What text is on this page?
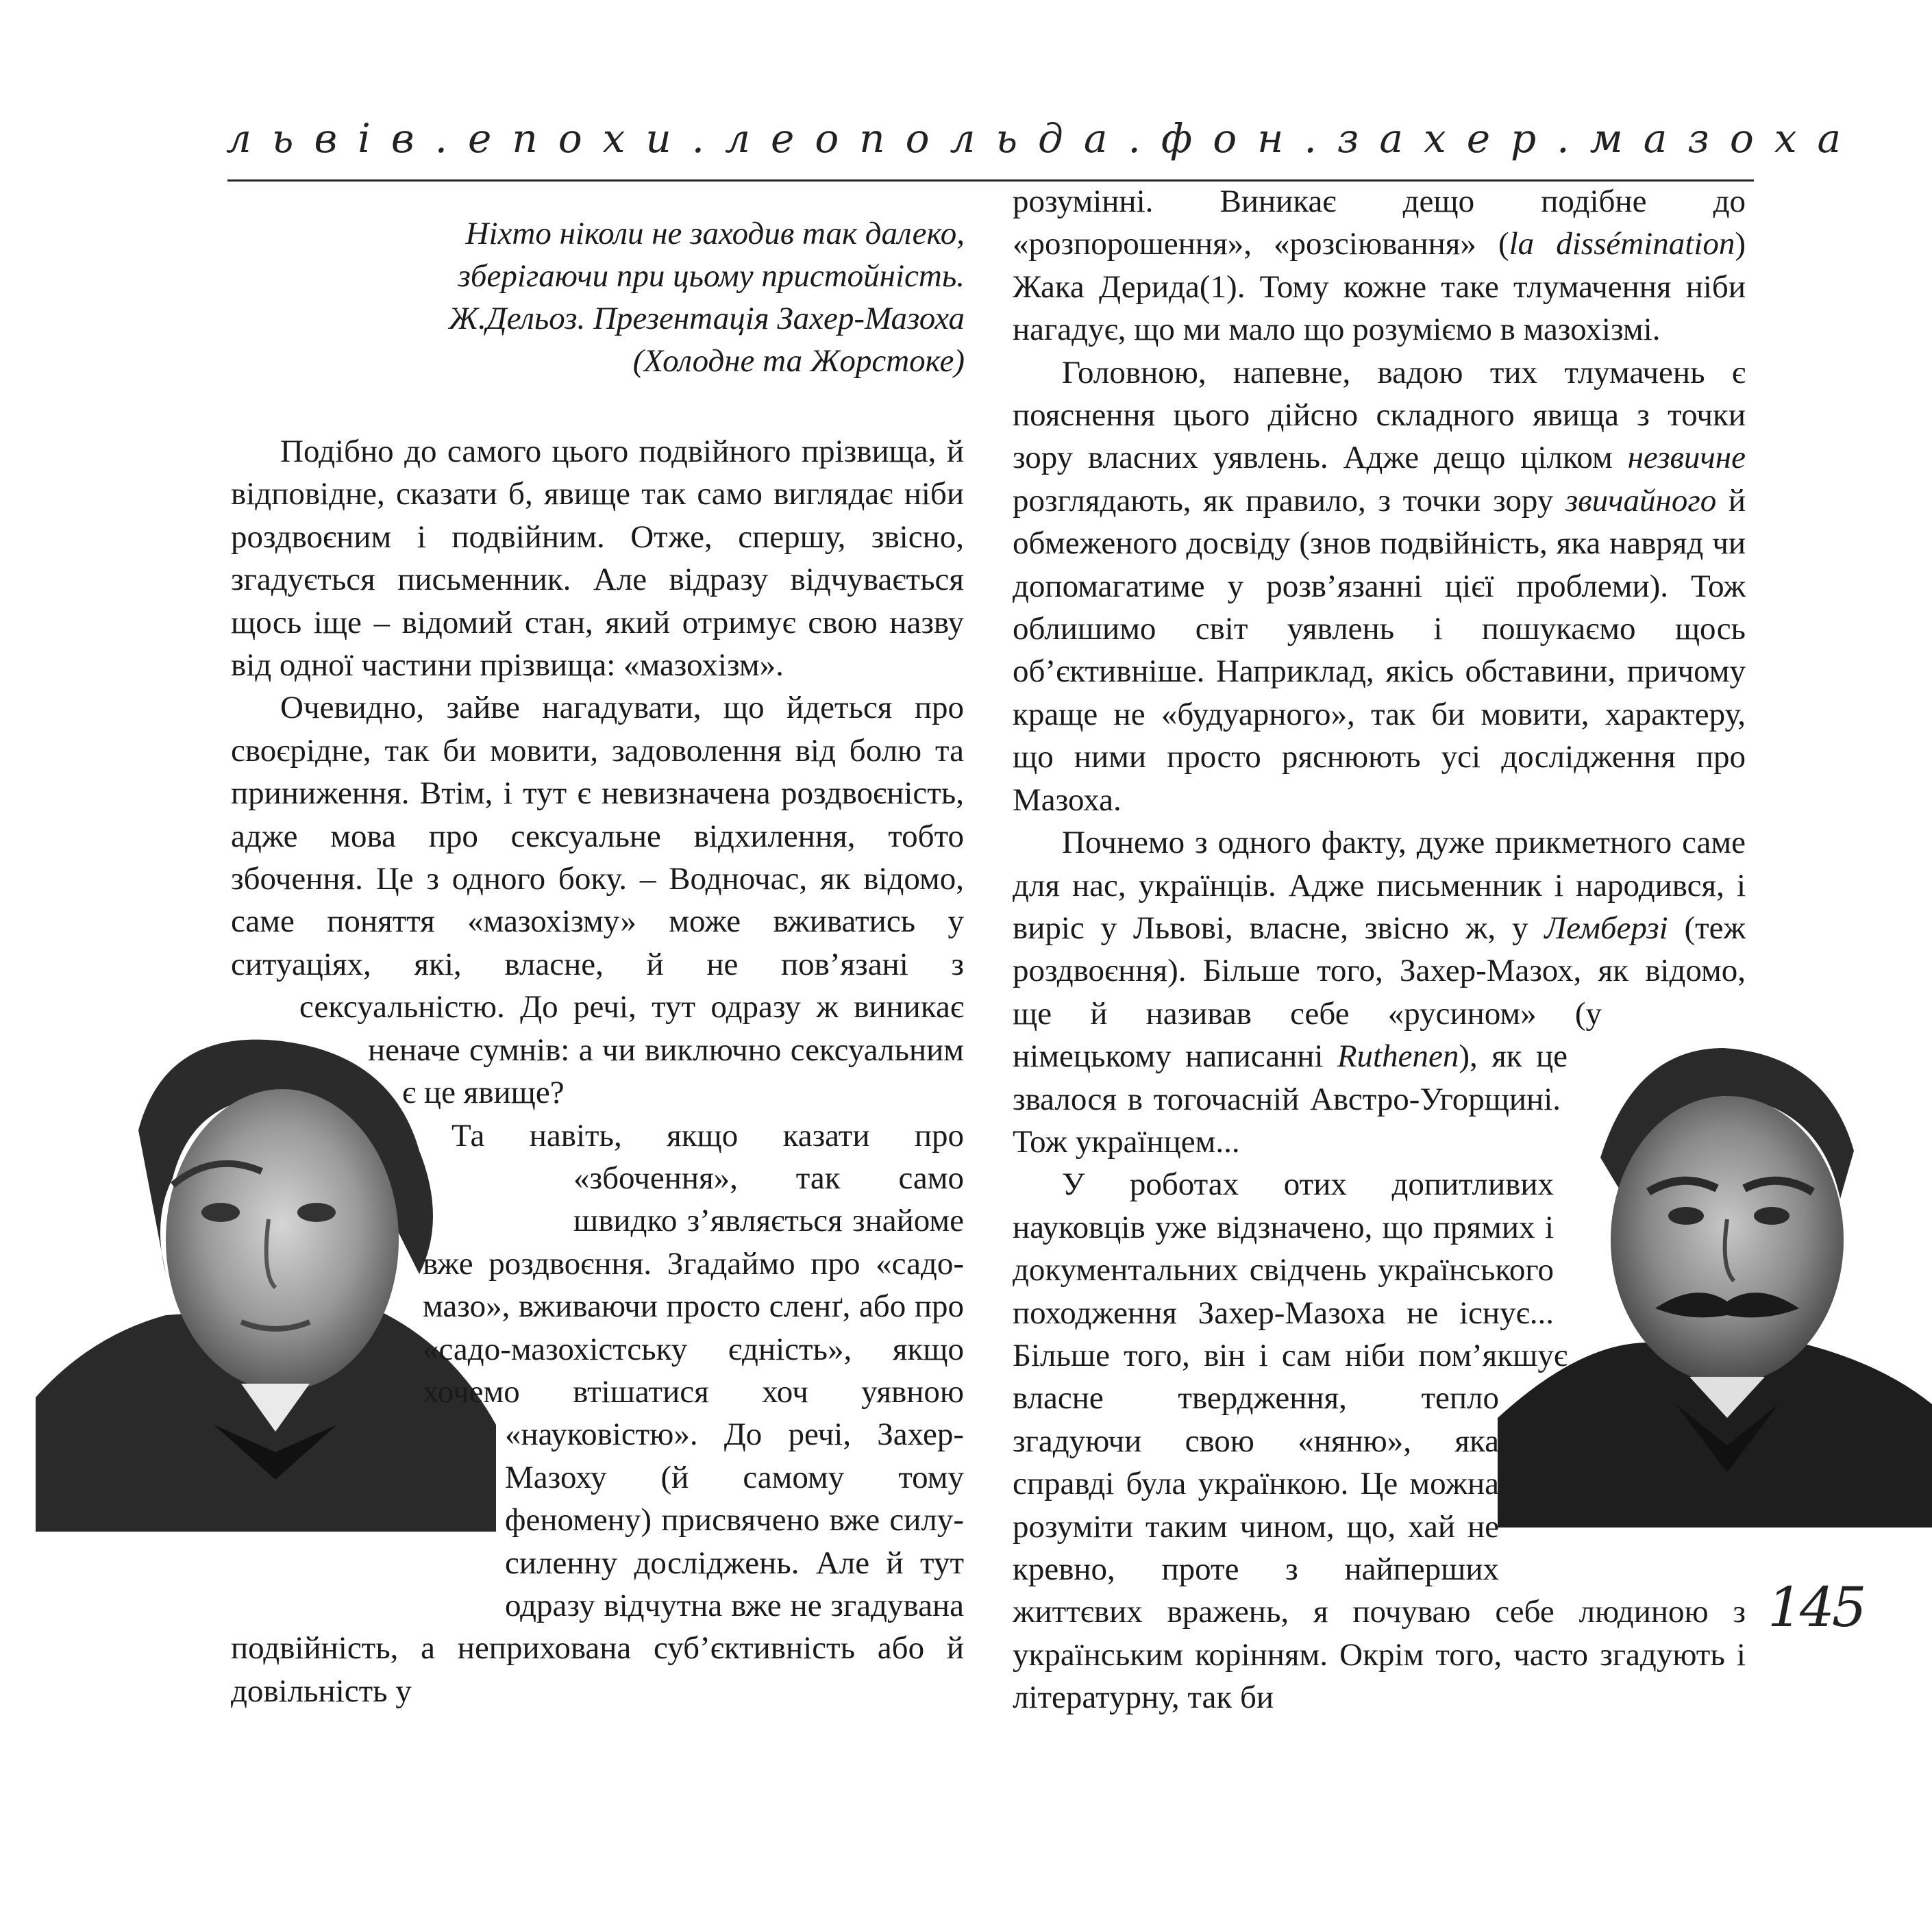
львів.епохи.леопольда.фон.захер.мазоха
Ніхто ніколи не заходив так далеко,
зберігаючи при цьому пристойність.
Ж.Дельоз. Презентація Захер-Мазоха
(Холодне та Жорстоке)

Подібно до самого цього подвійного прізвища, й відповідне, сказати б, явище так само виглядає ніби роздвоєним і подвійним. Отже, спершу, звісно, згадується письменник. Але відразу відчувається щось іще – відомий стан, який отримує свою назву від одної частини прізвища: «мазохізм».

Очевидно, зайве нагадувати, що йдеться про своєрідне, так би мовити, задоволення від болю та приниження. Втім, і тут є невизначена роздвоєність, адже мова про сексуальне відхилення, тобто збочення. Це з одного боку. – Водночас, як відомо, саме поняття «мазохізму» може вживатись у ситуаціях, які, власне, й не пов’язані з сексуальністю. До речі, тут одразу ж виникає неначе сумнів: а чи виключно сексуальним є це явище?

Та навіть, якщо казати про «збочення», так само швидко з’являється знайоме вже роздвоєння. Згадаймо про «садо-мазо», вживаючи просто сленґ, або про «садо-мазохістську єдність», якщо хочемо втішатися хоч уявною «науковістю». До речі, Захер-Мазоху (й самому тому феномену) присвячено вже силу-силенну досліджень. Але й тут одразу відчутна вже не згадувана подвійність, а неприхована суб’єктивність або й довільність у

розумінні. Виникає дещо подібне до «розпорошення», «розсіювання» (la dissémination) Жака Дерида(1). Тому кожне таке тлумачення ніби нагадує, що ми мало що розуміємо в мазохізмі.

Головною, напевне, вадою тих тлумачень є пояснення цього дійсно складного явища з точки зору власних уявлень. Адже дещо цілком незвичне розглядають, як правило, з точки зору звичайного й обмеженого досвіду (знов подвійність, яка навряд чи допомагатиме у розв’язанні цієї проблеми). Тож облишимо світ уявлень і пошукаємо щось об’єктивніше. Наприклад, якісь обставини, причому краще не «будуарного», так би мовити, характеру, що ними просто ряснюють усі дослідження про Мазоха.

Почнемо з одного факту, дуже прикметного саме для нас, українців. Адже письменник і народився, і виріс у Львові, власне, звісно ж, у Лемберзі (теж роздвоєння). Більше того, Захер-Мазох, як відомо, ще й називав себе «русином» (у німецькому написанні Ruthenen), як це звалося в тогочасній Австро-Угорщині. Тож українцем...

У роботах отих допитливих науковців уже відзначено, що прямих і документальних свідчень українського походження Захер-Мазоха не існує... Більше того, він і сам ніби пом’якшує власне твердження, тепло згадуючи свою «няню», яка справді була українкою. Це можна розуміти таким чином, що, хай не кревно, проте з найперших життєвих вражень, я почуваю себе людиною з українським корінням. Окрім того, часто згадують і літературну, так би

145
